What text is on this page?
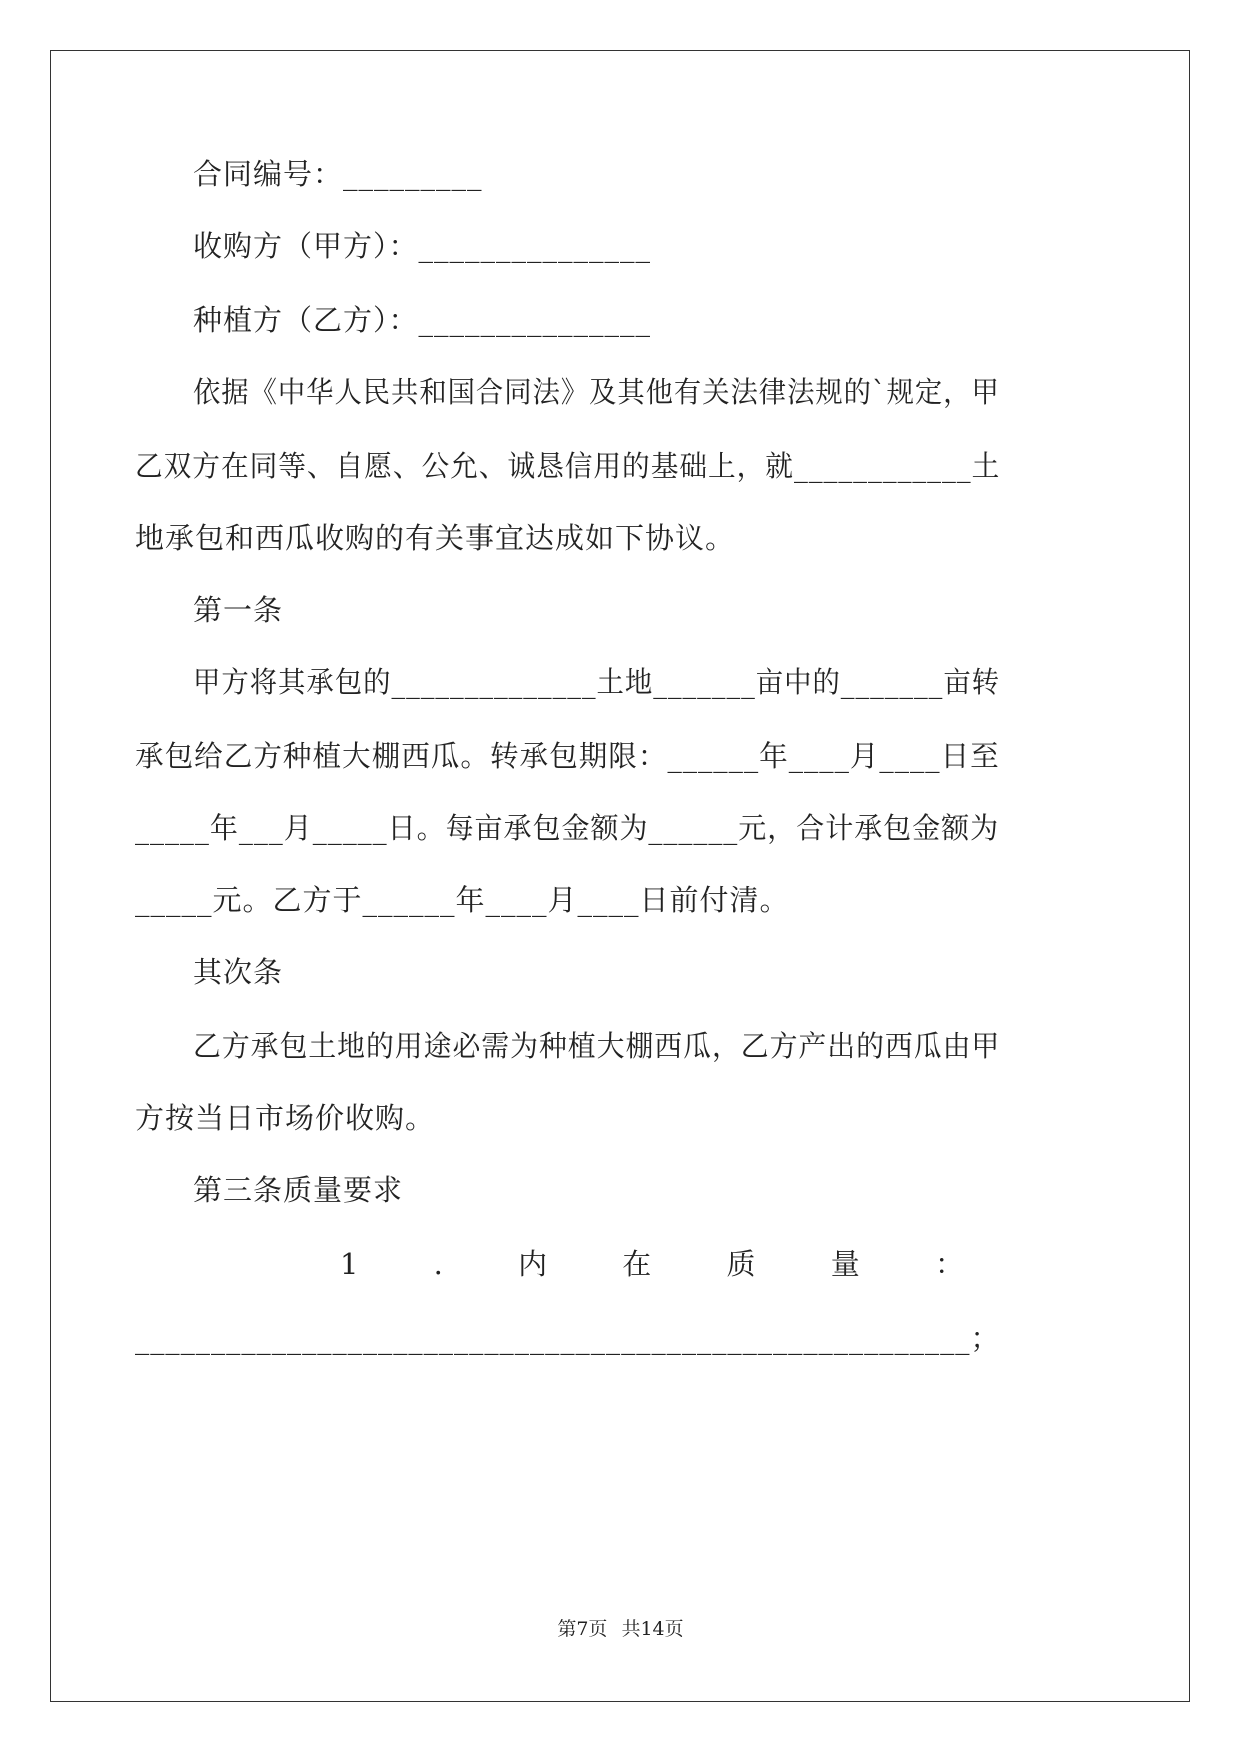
合同编号：_________

收购方（甲方）：_______________

种植方（乙方）：_______________

依据《中华人民共和国合同法》及其他有关法律法规的`规定，甲

乙双方在同等、自愿、公允、诚恳信用的基础上，就____________土

地承包和西瓜收购的有关事宜达成如下协议。

第一条

甲方将其承包的______________土地_______亩中的_______亩转

承包给乙方种植大棚西瓜。转承包期限：______年____月____日至

_____年___月_____日。每亩承包金额为______元，合计承包金额为

_____元。乙方于______年____月____日前付清。

其次条

乙方承包土地的用途必需为种植大棚西瓜，乙方产出的西瓜由甲

方按当日市场价收购。

第三条质量要求

1	.	内	在	质	量	：

_______________________________________________________；

第7页 共14页
